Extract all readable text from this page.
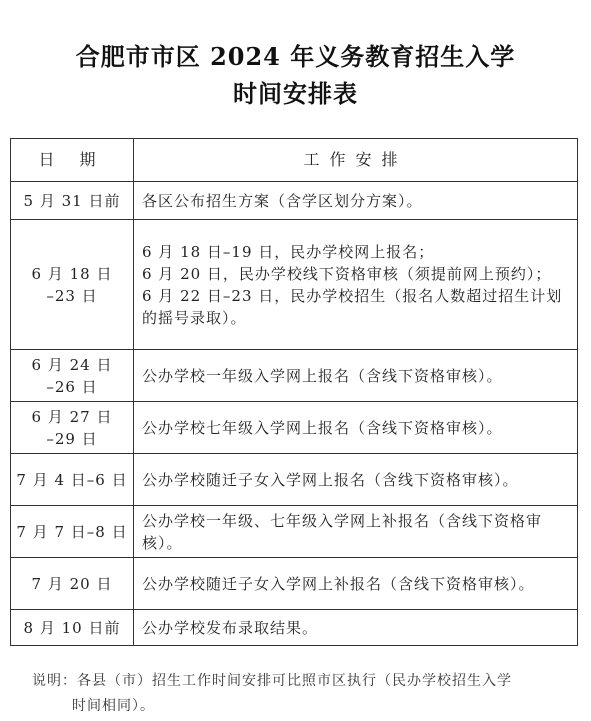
合肥市市区 2024 年义务教育招生入学
时间安排表
日 期	工作安排

5 月 31 日前	各区公布招生方案（含学区划分方案）。

6 月 18 日
–23 日	6 月 18 日–19 日，民办学校网上报名；
6 月 20 日，民办学校线下资格审核（须提前网上预约）；
6 月 22 日–23 日，民办学校招生（报名人数超过招生计划的摇号录取）。

6 月 24 日
–26 日	公办学校一年级入学网上报名（含线下资格审核）。

6 月 27 日
–29 日	公办学校七年级入学网上报名（含线下资格审核）。

7 月 4 日–6 日	公办学校随迁子女入学网上报名（含线下资格审核）。

7 月 7 日–8 日	公办学校一年级、七年级入学网上补报名（含线下资格审核）。

7 月 20 日	公办学校随迁子女入学网上补报名（含线下资格审核）。

8 月 10 日前	公办学校发布录取结果。
说明：各县（市）招生工作时间安排可比照市区执行（民办学校招生入学
时间相同）。
